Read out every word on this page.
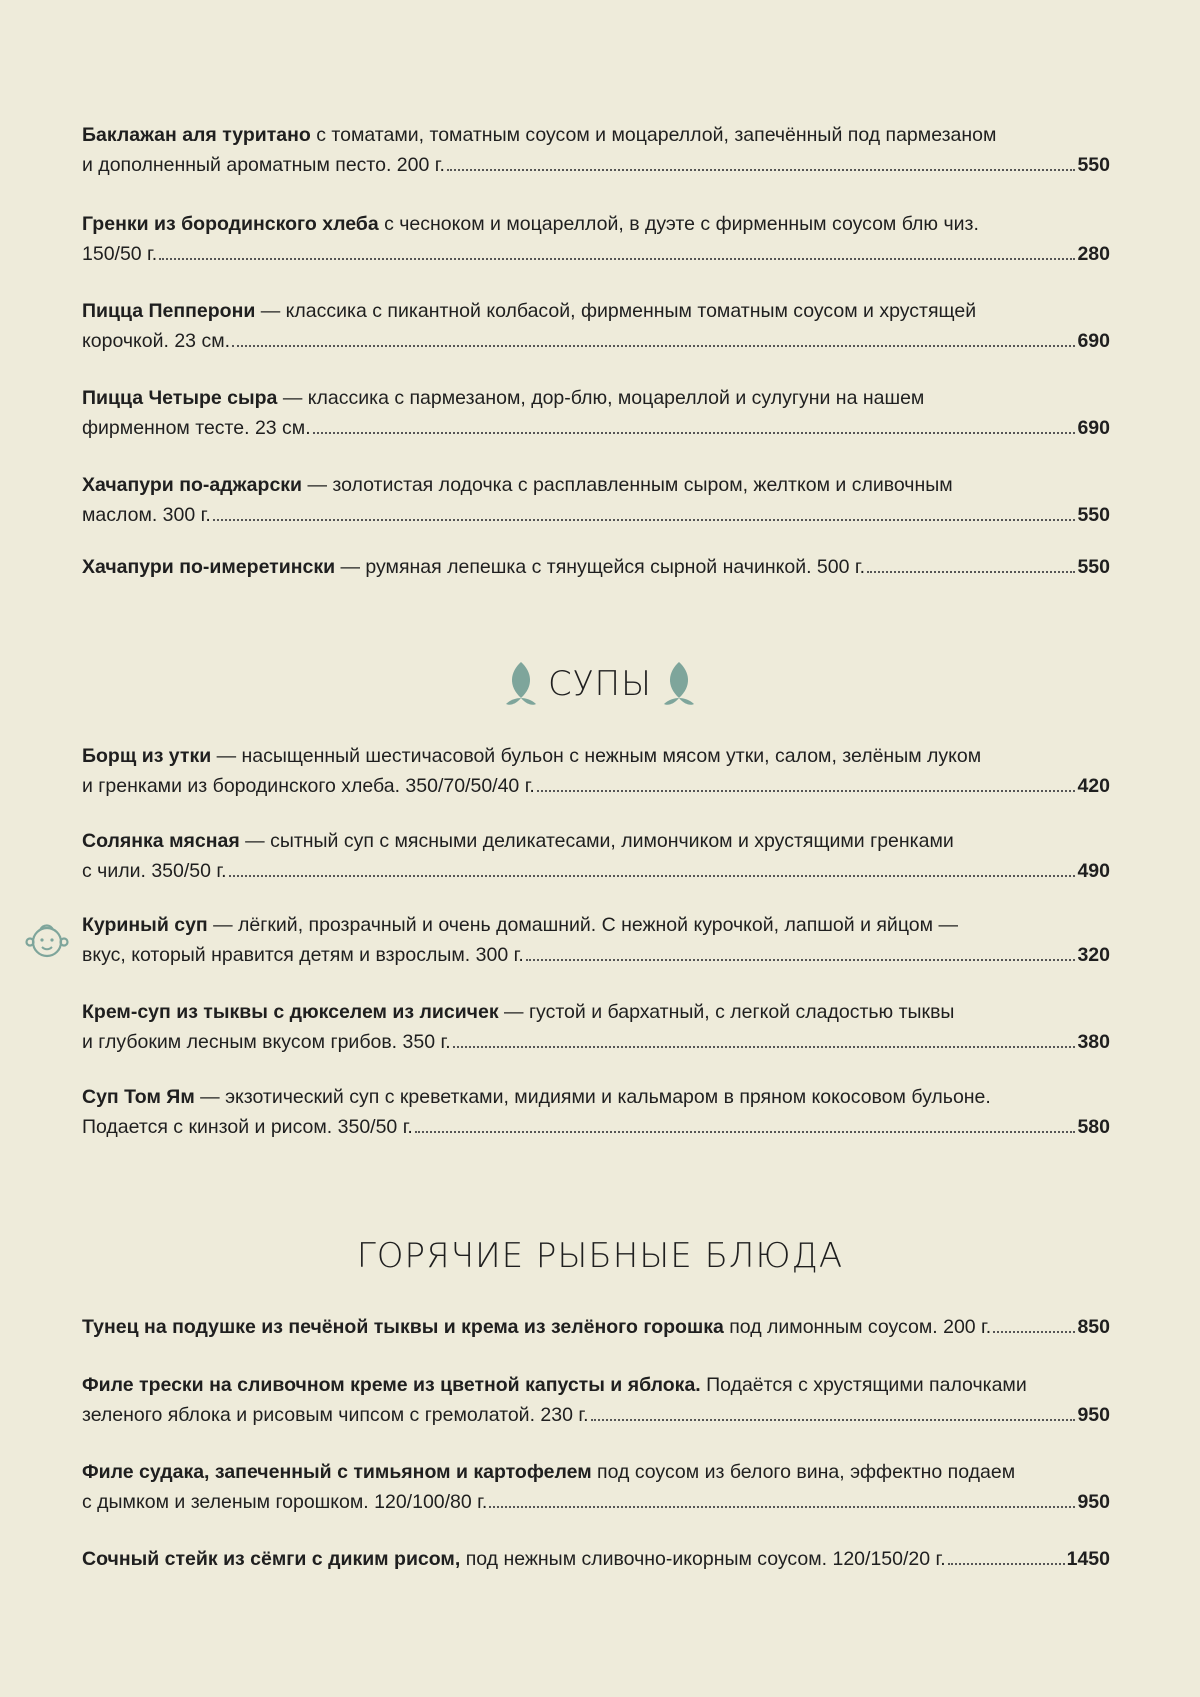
Баклажан аля туритано с томатами, томатным соусом и моцареллой, запечённый под пармезаном
и дополненный ароматным песто. 200 г.	550
Гренки из бородинского хлеба с чесноком и моцареллой, в дуэте с фирменным соусом блю чиз.
150/50 г.	280
Пицца Пепперони — классика с пикантной колбасой, фирменным томатным соусом и хрустящей
корочкой. 23 см.	690
Пицца Четыре сыра — классика с пармезаном, дор-блю, моцареллой и сулугуни на нашем
фирменном тесте. 23 см.	690
Хачапури по-аджарски — золотистая лодочка с расплавленным сыром, желтком и сливочным
маслом. 300 г.	550
Хачапури по-имеретински — румяная лепешка с тянущейся сырной начинкой. 500 г.	550
СУПЫ
Борщ из утки — насыщенный шестичасовой бульон с нежным мясом утки, салом, зелёным луком
и гренками из бородинского хлеба. 350/70/50/40 г.	420
Солянка мясная — сытный суп с мясными деликатесами, лимончиком и хрустящими гренками
с чили. 350/50 г.	490
Куриный суп — лёгкий, прозрачный и очень домашний. С нежной курочкой, лапшой и яйцом —
вкус, который нравится детям и взрослым. 300 г.	320
Крем-суп из тыквы с дюкселем из лисичек — густой и бархатный, с легкой сладостью тыквы
и глубоким лесным вкусом грибов. 350 г.	380
Суп Том Ям — экзотический суп с креветками, мидиями и кальмаром в пряном кокосовом бульоне.
Подается с кинзой и рисом. 350/50 г.	580
ГОРЯЧИЕ РЫБНЫЕ БЛЮДА
Тунец на подушке из печёной тыквы и крема из зелёного горошка под лимонным соусом. 200 г.	850
Филе трески на сливочном креме из цветной капусты и яблока. Подаётся с хрустящими палочками
зеленого яблока и рисовым чипсом с гремолатой. 230 г.	950
Филе судака, запеченный с тимьяном и картофелем под соусом из белого вина, эффектно подаем
с дымком и зеленым горошком. 120/100/80 г.	950
Сочный стейк из сёмги с диким рисом, под нежным сливочно-икорным соусом. 120/150/20 г.	1450
